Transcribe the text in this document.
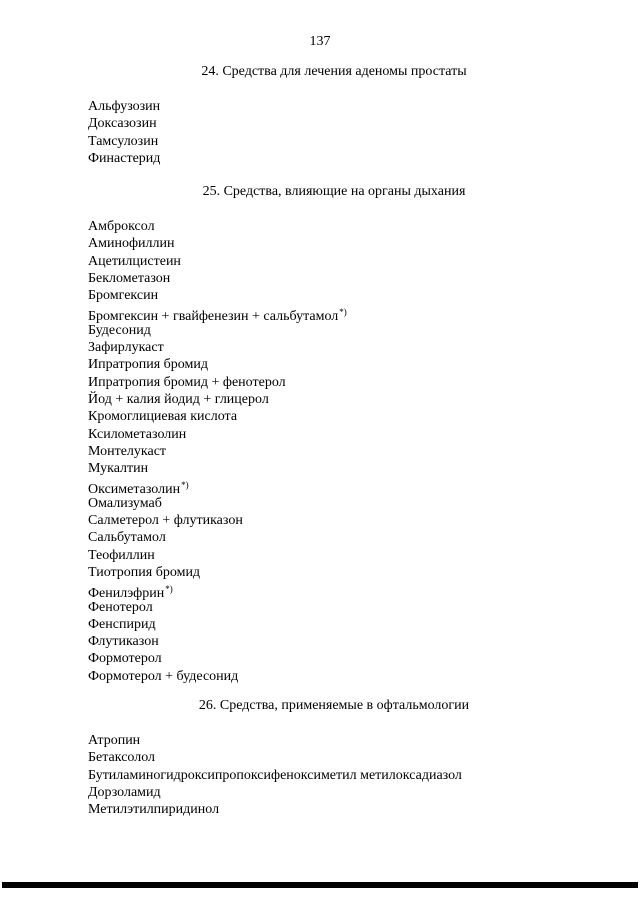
137
24. Средства для лечения аденомы простаты
Альфузозин
Доксазозин
Тамсулозин
Финастерид
25. Средства, влияющие на органы дыхания
Амброксол
Аминофиллин
Ацетилцистеин
Беклометазон
Бромгексин
Бромгексин + гвайфенезин + сальбутамол*)
Будесонид
Зафирлукаст
Ипратропия бромид
Ипратропия бромид + фенотерол
Йод + калия йодид + глицерол
Кромоглициевая кислота
Ксилометазолин
Монтелукаст
Мукалтин
Оксиметазолин*)
Омализумаб
Салметерол + флутиказон
Сальбутамол
Теофиллин
Тиотропия бромид
Фенилэфрин*)
Фенотерол
Фенспирид
Флутиказон
Формотерол
Формотерол + будесонид
26. Средства, применяемые в офтальмологии
Атропин
Бетаксолол
Бутиламиногидроксипропоксифеноксиметил метилоксадиазол
Дорзоламид
Метилэтилпиридинол
